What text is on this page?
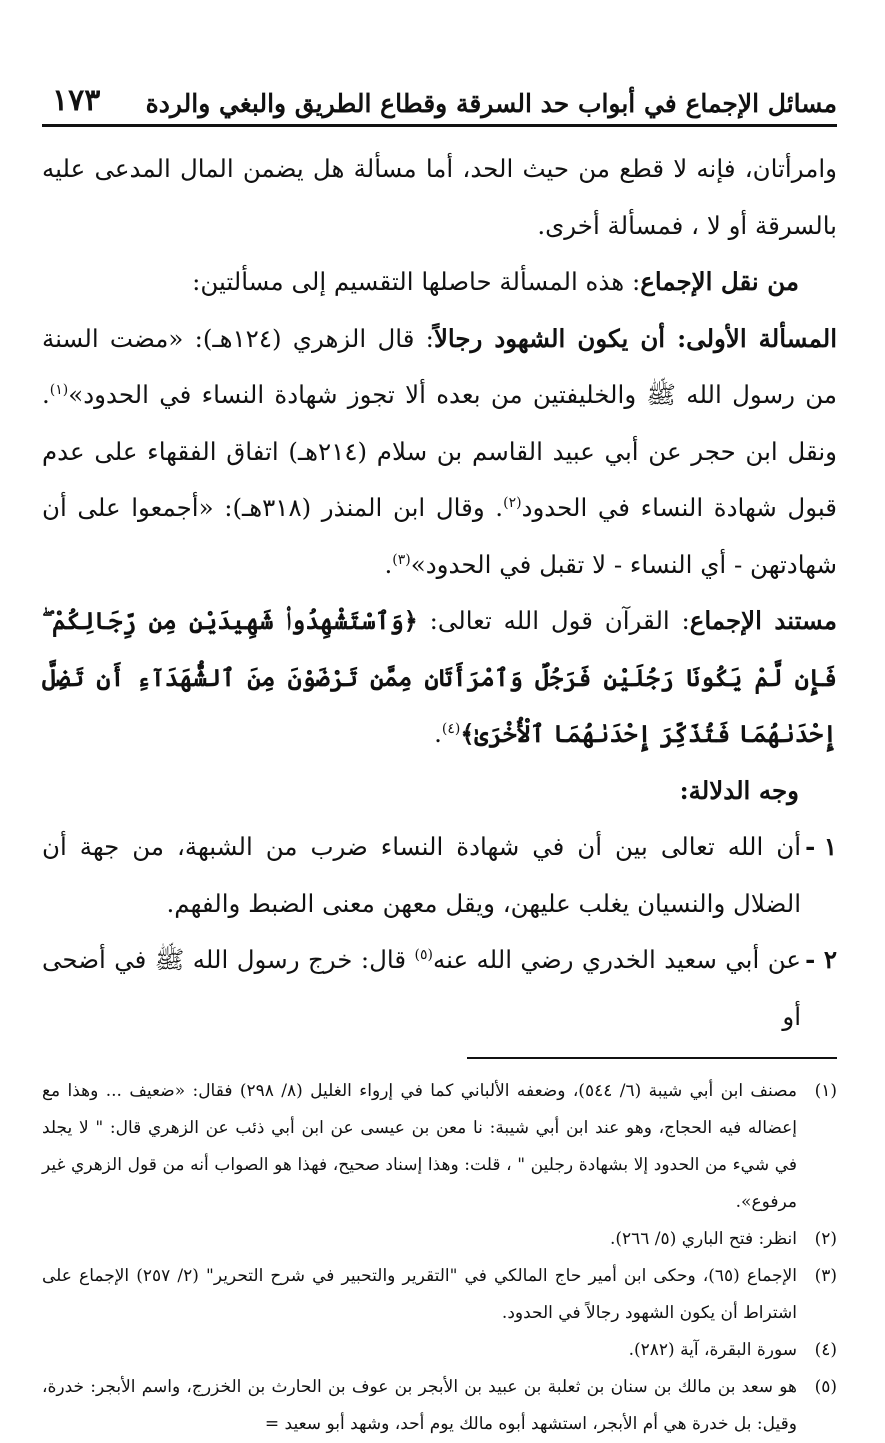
مسائل الإجماع في أبواب حد السرقة وقطاع الطريق والبغي والردة
١٧٣

وامرأتان، فإنه لا قطع من حيث الحد، أما مسألة هل يضمن المال المدعى عليه بالسرقة أو لا ، فمسألة أخرى.

من نقل الإجماع: هذه المسألة حاصلها التقسيم إلى مسألتين:

المسألة الأولى: أن يكون الشهود رجالاً: قال الزهري (١٢٤هـ): «مضت السنة من رسول الله ﷺ والخليفتين من بعده ألا تجوز شهادة النساء في الحدود»$^{(١)}$. ونقل ابن حجر عن أبي عبيد القاسم بن سلام (٢١٤هـ) اتفاق الفقهاء على عدم قبول شهادة النساء في الحدود$^{(٢)}$. وقال ابن المنذر (٣١٨هـ): «أجمعوا على أن شهادتهن - أي النساء - لا تقبل في الحدود»$^{(٣)}$.

مستند الإجماع: القرآن قول الله تعالى: ﴿وَٱسْتَشْهِدُوا۟ شَهِيدَيْنِ مِن رِّجَالِكُمْ ۖ فَإِن لَّمْ يَكُونَا رَجُلَيْنِ فَرَجُلٌ وَٱمْرَأَتَانِ مِمَّن تَرْضَوْنَ مِنَ ٱلشُّهَدَآءِ أَن تَضِلَّ إِحْدَىٰهُمَا فَتُذَكِّرَ إِحْدَىٰهُمَا ٱلْأُخْرَىٰ﴾$^{(٤)}$.

وجه الدلالة:

١ -
أن الله تعالى بين أن في شهادة النساء ضرب من الشبهة، من جهة أن الضلال والنسيان يغلب عليهن، ويقل معهن معنى الضبط والفهم.
٢ -
عن أبي سعيد الخدري رضي الله عنه$^{(٥)}$ قال: خرج رسول الله ﷺ في أضحى أو
(١)
مصنف ابن أبي شيبة (٦/ ٥٤٤)، وضعفه الألباني كما في إرواء الغليل (٨/ ٢٩٨) فقال: «ضعيف ... وهذا مع إعضاله فيه الحجاج، وهو عند ابن أبي شيبة: نا معن بن عيسى عن ابن أبي ذئب عن الزهري قال: " لا يجلد في شيء من الحدود إلا بشهادة رجلين " ، قلت: وهذا إسناد صحيح، فهذا هو الصواب أنه من قول الزهري غير مرفوع».
(٢)
انظر: فتح الباري (٥/ ٢٦٦).
(٣)
الإجماع (٦٥)، وحكى ابن أمير حاج المالكي في "التقرير والتحبير في شرح التحرير" (٢/ ٢٥٧) الإجماع على اشتراط أن يكون الشهود رجالاً في الحدود.
(٤)
سورة البقرة، آية (٢٨٢).
(٥)
هو سعد بن مالك بن سنان بن ثعلبة بن عبيد بن الأبجر بن عوف بن الحارث بن الخزرج، واسم الأبجر: خدرة، وقيل: بل خدرة هي أم الأبجر، استشهد أبوه مالك يوم أحد، وشهد أبو سعيد =
